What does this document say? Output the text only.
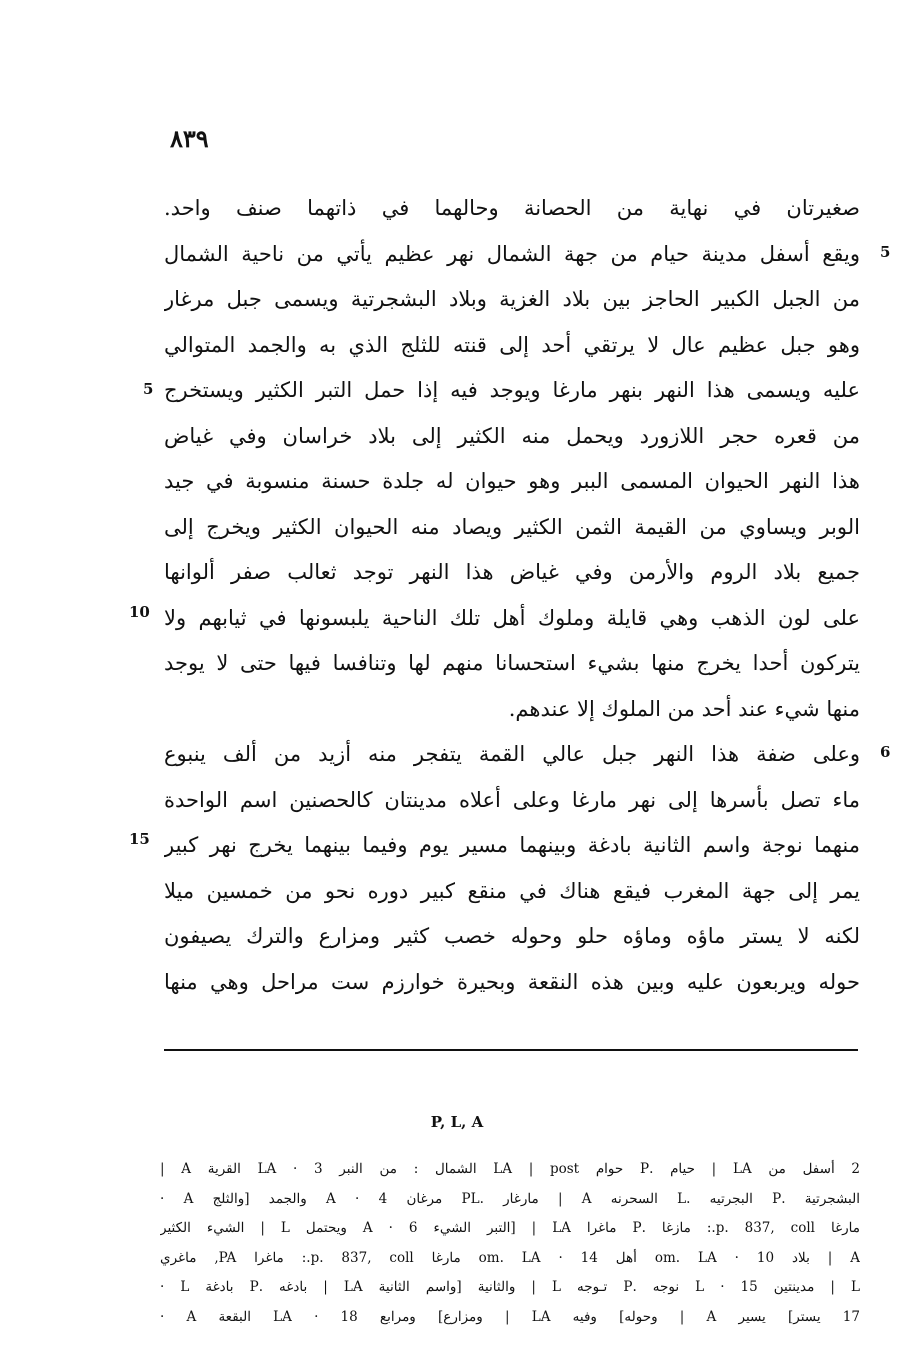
٨٣٩
صغيرتان في نهاية من الحصانة وحالهما في ذاتهما صنف واحد.
ويقع أسفل مدينة حيام من جهة الشمال نهر عظيم يأتي من ناحية الشمال
من الجبل الكبير الحاجز بين بلاد الغزية وبلاد البشجرتية ويسمى جبل مرغار
وهو جبل عظيم عال لا يرتقي أحد إلى قنته للثلج الذي به والجمد المتوالي
عليه ويسمى هذا النهر بنهر مارغا ويوجد فيه إذا حمل التبر الكثير ويستخرج
من قعره حجر اللازورد ويحمل منه الكثير إلى بلاد خراسان وفي غياض
هذا النهر الحيوان المسمى الببر وهو حيوان له جلدة حسنة منسوبة في جيد
الوبر ويساوي من القيمة الثمن الكثير ويصاد منه الحيوان الكثير ويخرج إلى
جميع بلاد الروم والأرمن وفي غياض هذا النهر توجد ثعالب صفر ألوانها
على لون الذهب وهي قايلة وملوك أهل تلك الناحية يلبسونها في ثيابهم ولا
يتركون أحدا يخرج منها بشيء استحسانا منهم لها وتنافسا فيها حتى لا يوجد
منها شيء عند أحد من الملوك إلا عندهم.
وعلى ضفة هذا النهر جبل عالي القمة يتفجر منه أزيد من ألف ينبوع
ماء تصل بأسرها إلى نهر مارغا وعلى أعلاه مدينتان كالحصنين اسم الواحدة
منهما نوجة واسم الثانية بادغة وبينهما مسير يوم وفيما بينهما يخرج نهر كبير
يمر إلى جهة المغرب فيقع هناك في منقع كبير دوره نحو من خمسين ميلا
لكنه لا يستر ماؤه وماؤه حلو وحوله خصب كثير ومزارع والترك يصيفون
حوله ويربعون عليه وبين هذه النقعة وبحيرة خوارزم ست مراحل وهي منها
5
10
15
5
6
P, L, A
2 أسفل من LA | حيام .P حوام LA | post الشمال : من النبر LA · 3 القرية A |
البشجرتية .P البجرتيه .L السحرنه A | مارغار .PL مرغان A · 4 والجمد [والثلج A ·
مارغا p. 837, coll.: مازغا .P ماغرا LA | [التبر الشيء A · 6 ويحتمل L | الشيء الكثير
A | بلاد om. LA · 10 أهل om. LA · 14 مارغا p. 837, coll.: ماغرا PA, ماغري
L | مدينتين L · 15 نوجه .P تـوجه L | والثانية [واسم الثانية LA | بادغه .P بادغة L ·
17 يستر] يسير A | وحوله] وفيه LA | ومزارع] ومرابع LA · 18 البقعة A ·
